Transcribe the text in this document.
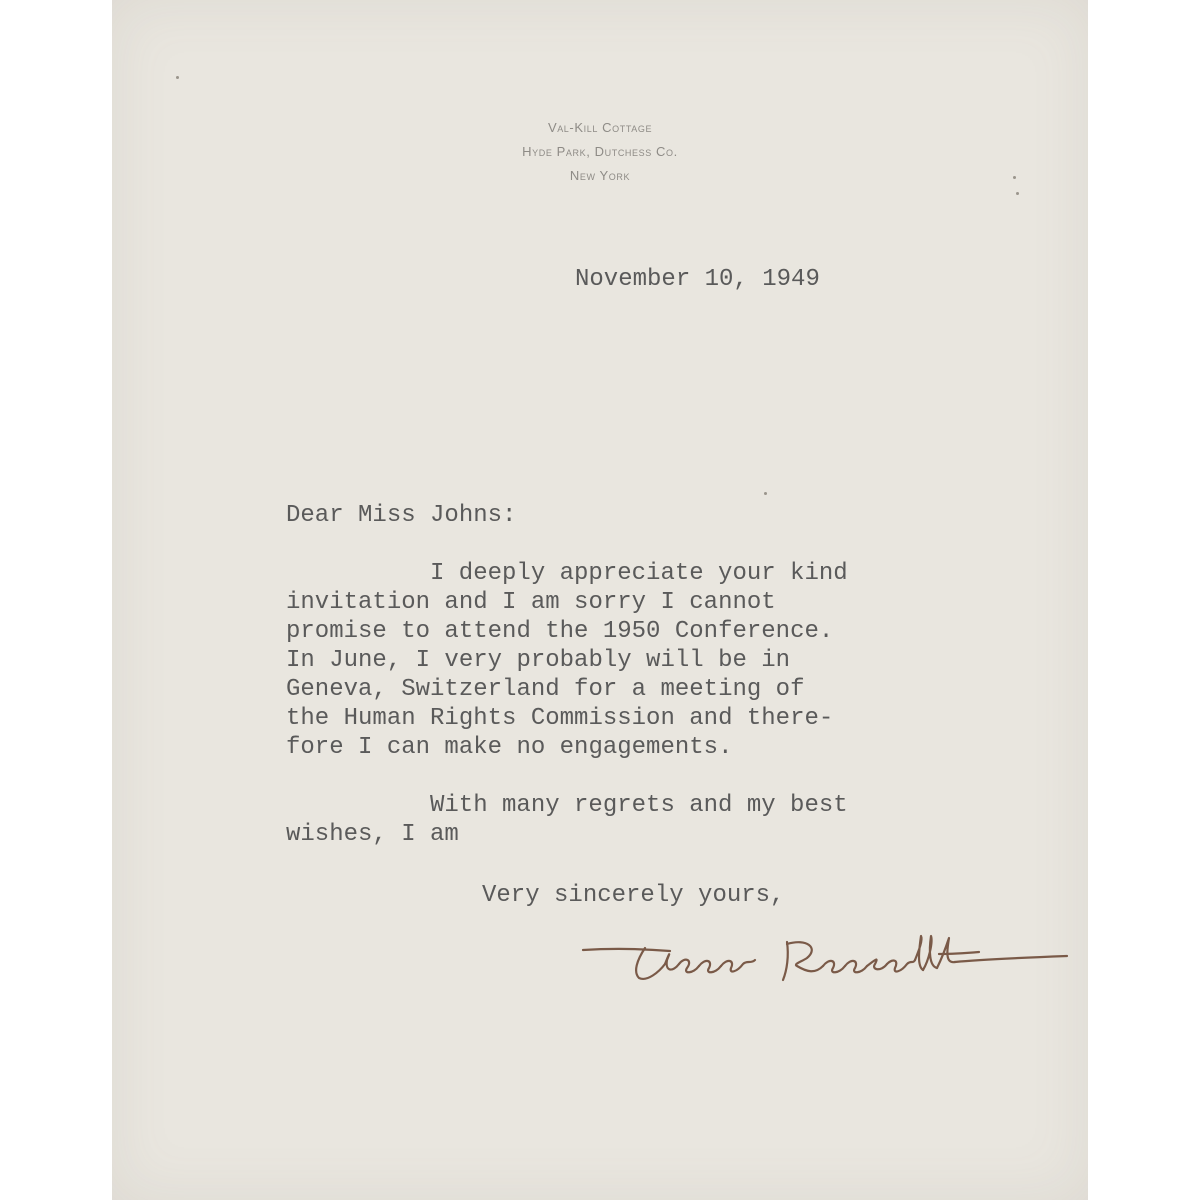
Val-Kill Cottage
Hyde Park, Dutchess Co.
New York

November 10, 1949

Dear Miss Johns:

I deeply appreciate your kind
invitation and I am sorry I cannot
promise to attend the 1950 Conference.
In June, I very probably will be in
Geneva, Switzerland for a meeting of
the Human Rights Commission and there-
fore I can make no engagements.
With many regrets and my best
wishes, I am

Very sincerely yours,
